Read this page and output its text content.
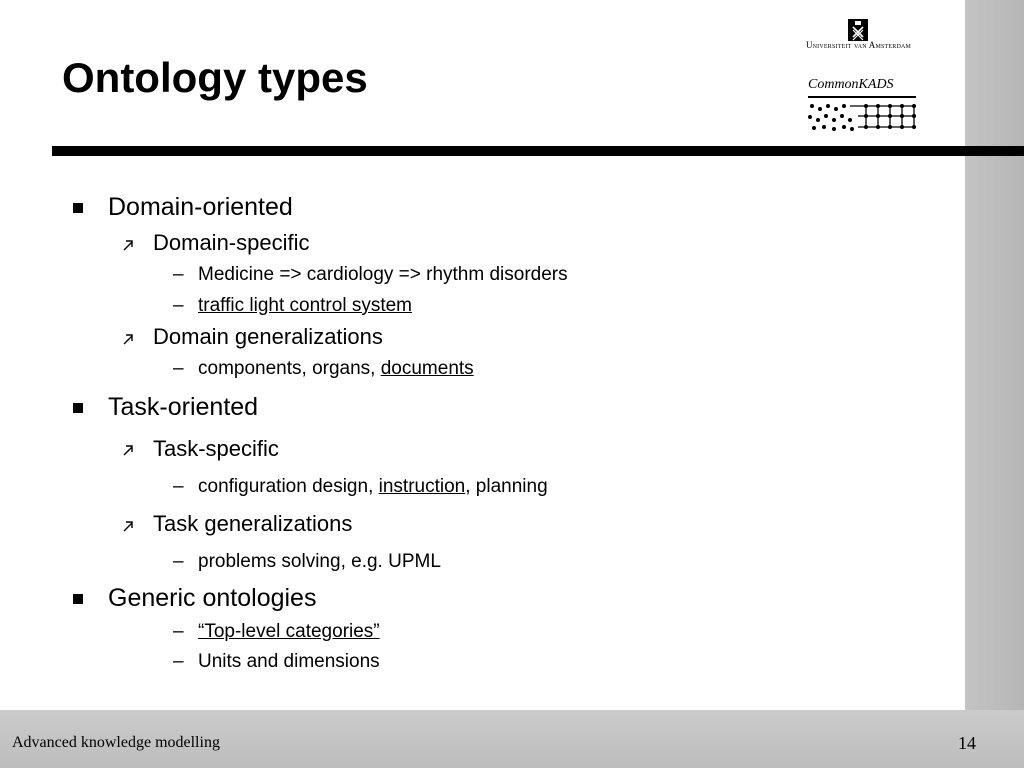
Ontology types
Universiteit van Amsterdam
CommonKADS
Domain-oriented
Domain-specific
– Medicine => cardiology => rhythm disorders
– traffic light control system
Domain generalizations
– components, organs, documents
Task-oriented
Task-specific
– configuration design, instruction, planning
Task generalizations
– problems solving, e.g. UPML
Generic ontologies
– “Top-level categories”
– Units and dimensions
Advanced knowledge modelling	14
